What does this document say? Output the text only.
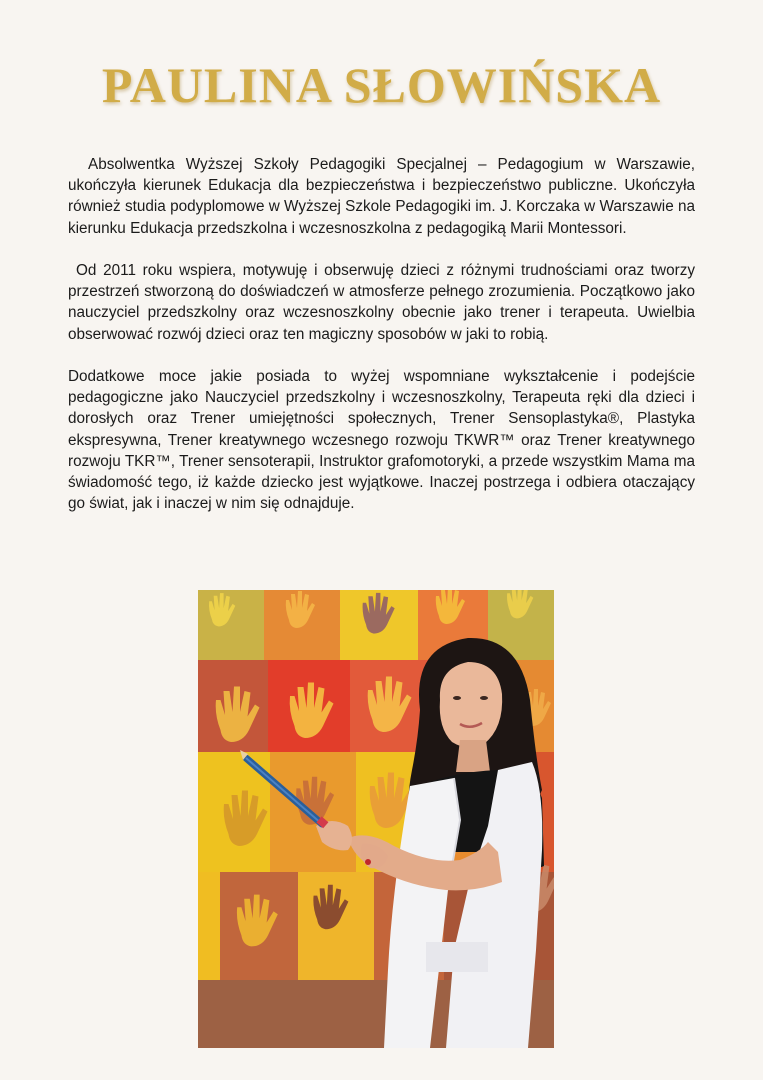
PAULINA SŁOWIŃSKA

Absolwentka Wyższej Szkoły Pedagogiki Specjalnej – Pedagogium w Warszawie, ukończyła kierunek Edukacja dla bezpieczeństwa i bezpieczeństwo publiczne. Ukończyła również studia podyplomowe w Wyższej Szkole Pedagogiki im. J. Korczaka w Warszawie na kierunku Edukacja przedszkolna i wczesnoszkolna z pedagogiką Marii Montessori.

Od 2011 roku wspiera, motywuję i obserwuję dzieci z różnymi trudnościami oraz tworzy przestrzeń stworzoną do doświadczeń w atmosferze pełnego zrozumienia. Początkowo jako nauczyciel przedszkolny oraz wczesnoszkolny obecnie jako trener i terapeuta. Uwielbia obserwować rozwój dzieci oraz ten magiczny sposobów w jaki to robią.

Dodatkowe moce jakie posiada to wyżej wspomniane wykształcenie i podejście pedagogiczne jako Nauczyciel przedszkolny i wczesnoszkolny, Terapeuta ręki dla dzieci i dorosłych oraz Trener umiejętności społecznych, Trener Sensoplastyka®, Plastyka ekspresywna, Trener kreatywnego wczesnego rozwoju TKWR™ oraz Trener kreatywnego rozwoju TKR™, Trener sensoterapii, Instruktor grafomotoryki, a przede wszystkim Mama ma świadomość tego, iż każde dziecko jest wyjątkowe. Inaczej postrzega i odbiera otaczający go świat, jak i inaczej w nim się odnajduje.
